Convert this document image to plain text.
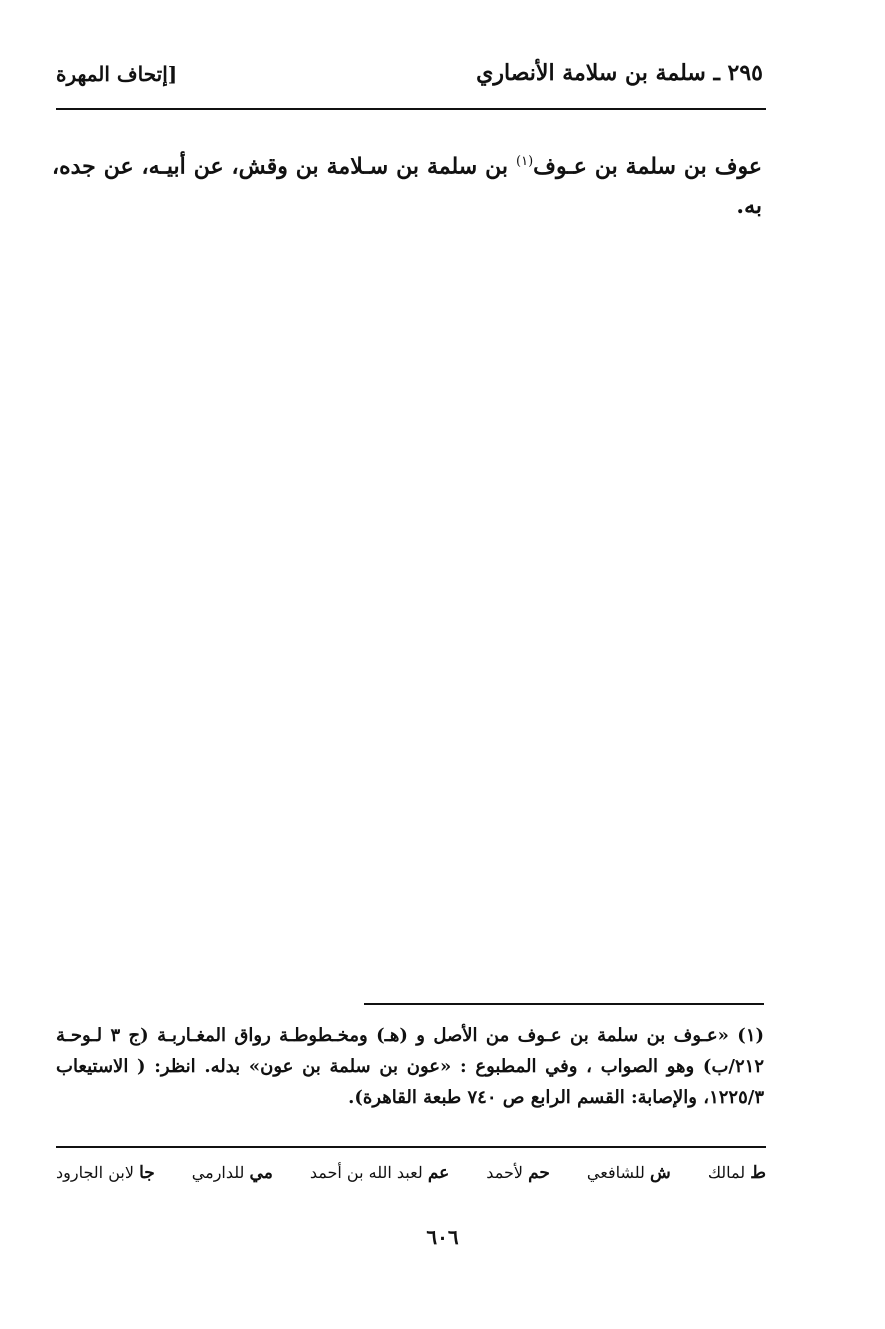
٢٩٥ ـ سلمة بن سلامة الأنصاري
[إتحاف المهرة
عوف بن سلمة بن عـوف$^{(١)}$ بن سلمة بن سـلامة بن وقش، عن أبيـه، عن جده، به.
(١) «عـوف بن سلمة بن عـوف من الأصل و (هـ) ومخـطوطـة رواق المغـاربـة (ج ٣ لـوحـة ٢١٢/ب) وهو الصواب ، وفي المطبوع : «عون بن سلمة بن عون» بدله. انظر: ( الاستيعاب ١٢٢٥/٣، والإصابة: القسم الرابع ص ٧٤٠ طبعة القاهرة).
ط لمالك
ش للشافعي
حم لأحمد
عم لعبد الله بن أحمد
مي للدارمي
جا لابن الجارود
٦٠٦
